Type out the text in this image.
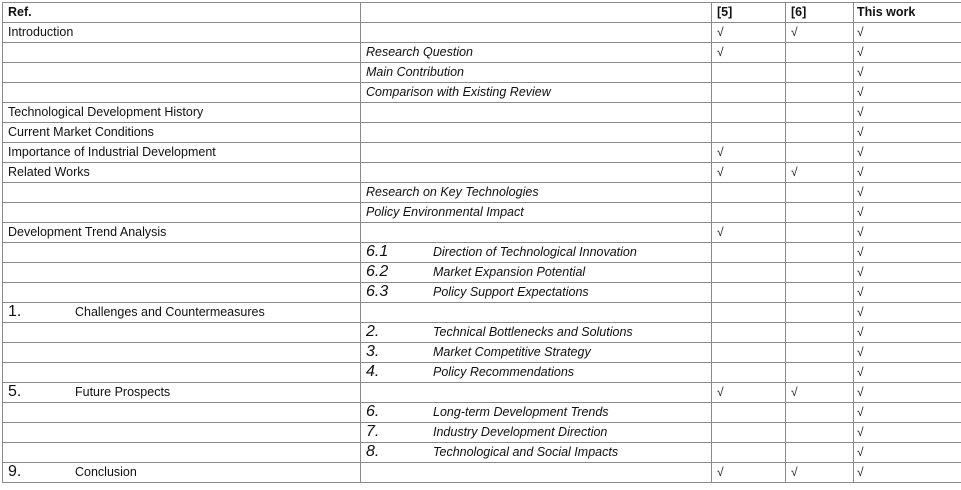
Ref.		[5]	[6]	This work
Introduction		√	√	√
	Research Question	√		√
	Main Contribution			√
	Comparison with Existing Review			√
Technological Development History				√
Current Market Conditions				√
Importance of Industrial Development		√		√
Related Works		√	√	√
	Research on Key Technologies			√
	Policy Environmental Impact			√
Development Trend Analysis		√		√
	6.1 Direction of Technological Innovation			√
	6.2 Market Expansion Potential			√
	6.3 Policy Support Expectations			√
1. Challenges and Countermeasures				√
	2. Technical Bottlenecks and Solutions			√
	3. Market Competitive Strategy			√
	4. Policy Recommendations			√
5. Future Prospects		√	√	√
	6. Long-term Development Trends			√
	7. Industry Development Direction			√
	8. Technological and Social Impacts			√
9. Conclusion		√	√	√
